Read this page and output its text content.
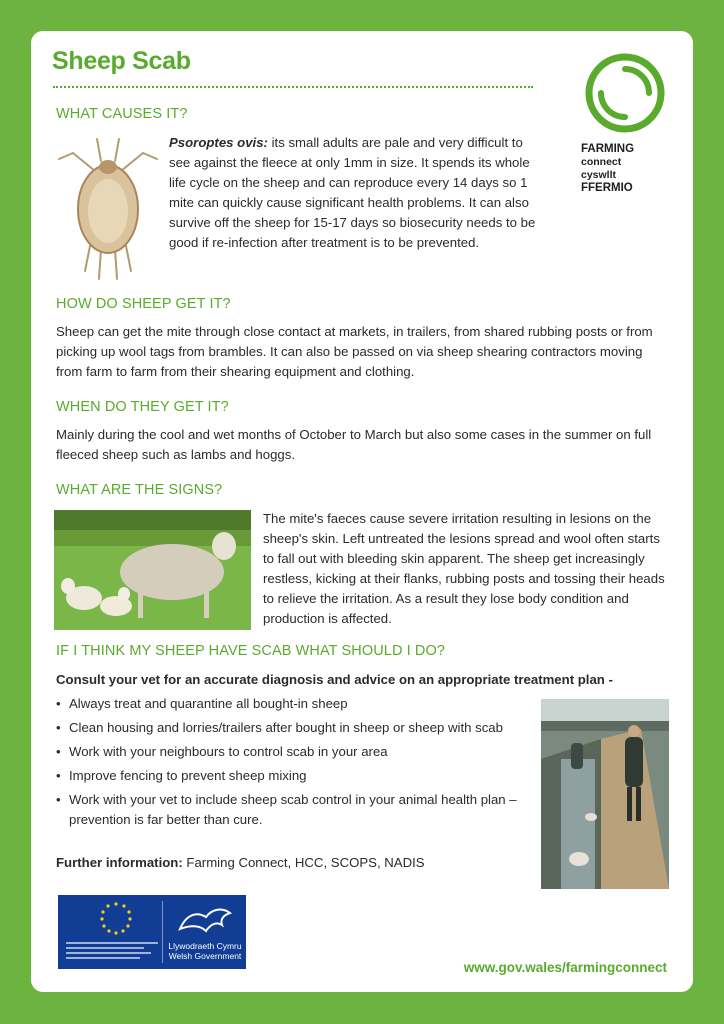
Sheep Scab
FARMING
connect
cyswllt
FFERMIO
WHAT CAUSES IT?
Psoroptes ovis: its small adults are pale and very difficult to see against the fleece at only 1mm in size. It spends its whole life cycle on the sheep and can reproduce every 14 days so 1 mite can quickly cause significant health problems. It can also survive off the sheep for 15-17 days so biosecurity needs to be good if re-infection after treatment is to be prevented.
HOW DO SHEEP GET IT?
Sheep can get the mite through close contact at markets, in trailers, from shared rubbing posts or from picking up wool tags from brambles. It can also be passed on via sheep shearing contractors moving from farm to farm from their shearing equipment and clothing.
WHEN DO THEY GET IT?
Mainly during the cool and wet months of October to March but also some cases in the summer on full fleeced sheep such as lambs and hoggs.
WHAT ARE THE SIGNS?
The mite's faeces cause severe irritation resulting in lesions on the sheep's skin. Left untreated the lesions spread and wool often starts to fall out with bleeding skin apparent. The sheep get increasingly restless, kicking at their flanks, rubbing posts and tossing their heads to relieve the irritation. As a result they lose body condition and production is affected.
IF I THINK MY SHEEP HAVE SCAB WHAT SHOULD I DO?
Consult your vet for an accurate diagnosis and advice on an appropriate treatment plan -
• Always treat and quarantine all bought-in sheep
• Clean housing and lorries/trailers after bought in sheep or sheep with scab
• Work with your neighbours to control scab in your area
• Improve fencing to prevent sheep mixing
• Work with your vet to include sheep scab control in your animal health plan – prevention is far better than cure.
Further information: Farming Connect, HCC, SCOPS, NADIS
Llywodraeth Cymru Welsh Government
www.gov.wales/farmingconnect
